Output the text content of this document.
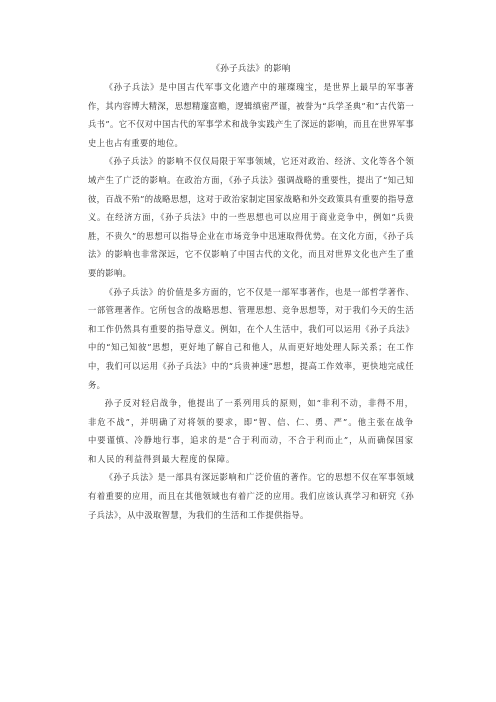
《孙子兵法》的影响

《孙子兵法》是中国古代军事文化遗产中的璀璨瑰宝，是世界上最早的军事著作，其内容博大精深，思想精邃富赡，逻辑缜密严谨，被誉为“兵学圣典”和“古代第一兵书”。它不仅对中国古代的军事学术和战争实践产生了深远的影响，而且在世界军事史上也占有重要的地位。

《孙子兵法》的影响不仅仅局限于军事领域，它还对政治、经济、文化等各个领域产生了广泛的影响。在政治方面，《孙子兵法》强调战略的重要性，提出了“知己知彼，百战不殆”的战略思想，这对于政治家制定国家战略和外交政策具有重要的指导意义。在经济方面，《孙子兵法》中的一些思想也可以应用于商业竞争中，例如“兵贵胜，不贵久”的思想可以指导企业在市场竞争中迅速取得优势。在文化方面，《孙子兵法》的影响也非常深远，它不仅影响了中国古代的文化，而且对世界文化也产生了重要的影响。

《孙子兵法》的价值是多方面的，它不仅是一部军事著作，也是一部哲学著作、一部管理著作。它所包含的战略思想、管理思想、竞争思想等，对于我们今天的生活和工作仍然具有重要的指导意义。例如，在个人生活中，我们可以运用《孙子兵法》中的“知己知彼”思想，更好地了解自己和他人，从而更好地处理人际关系；在工作中，我们可以运用《孙子兵法》中的“兵贵神速”思想，提高工作效率，更快地完成任务。

孙子反对轻启战争，他提出了一系列用兵的原则，如“非利不动，非得不用，非危不战”，并明确了对将领的要求，即“智、信、仁、勇、严”。他主张在战争中要谨慎、冷静地行事，追求的是“合于利而动，不合于利而止”，从而确保国家和人民的利益得到最大程度的保障。

《孙子兵法》是一部具有深远影响和广泛价值的著作。它的思想不仅在军事领域有着重要的应用，而且在其他领域也有着广泛的应用。我们应该认真学习和研究《孙子兵法》，从中汲取智慧，为我们的生活和工作提供指导。
